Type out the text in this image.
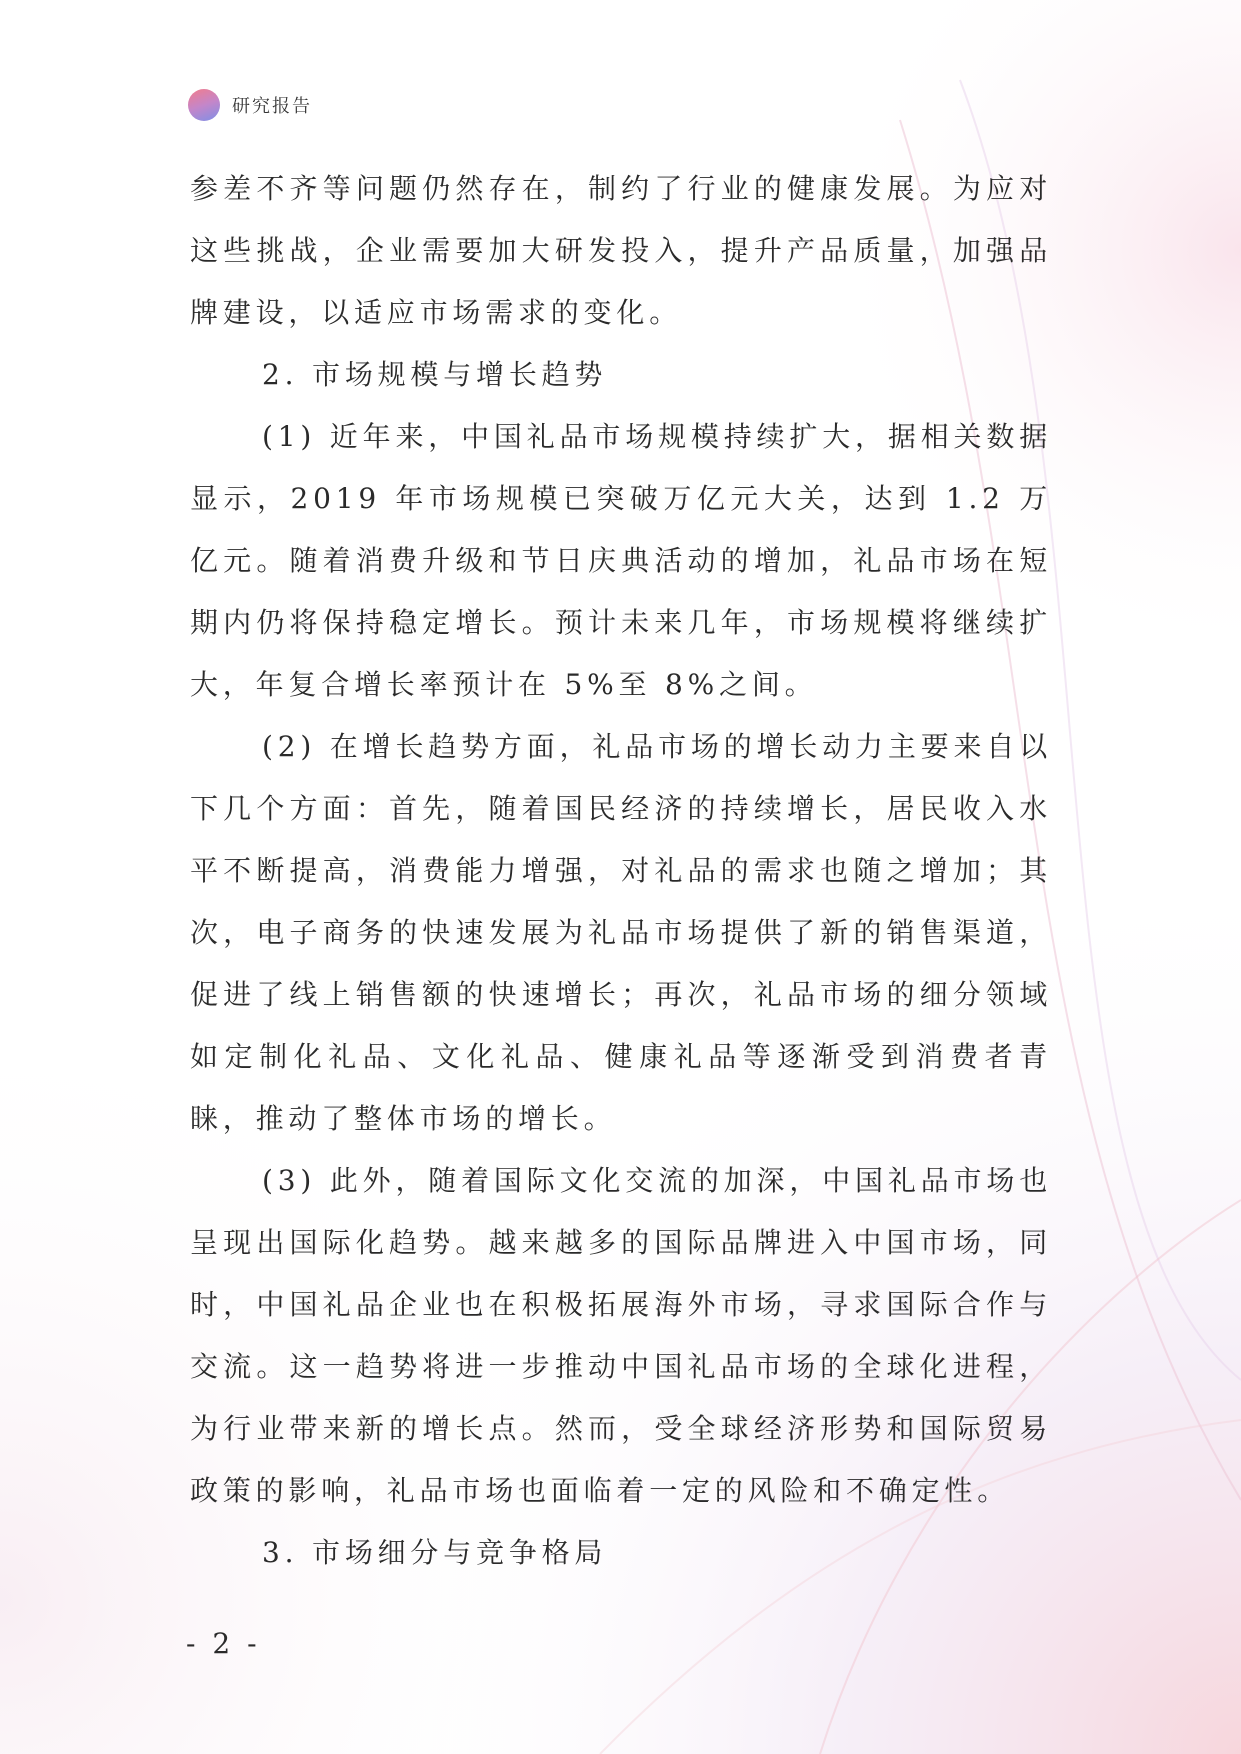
研究报告

参差不齐等问题仍然存在，制约了行业的健康发展。为应对这些挑战，企业需要加大研发投入，提升产品质量，加强品牌建设，以适应市场需求的变化。

2. 市场规模与增长趋势

(1) 近年来，中国礼品市场规模持续扩大，据相关数据显示，2019 年市场规模已突破万亿元大关，达到 1.2 万亿元。随着消费升级和节日庆典活动的增加，礼品市场在短期内仍将保持稳定增长。预计未来几年，市场规模将继续扩大，年复合增长率预计在 5%至 8%之间。

(2) 在增长趋势方面，礼品市场的增长动力主要来自以下几个方面：首先，随着国民经济的持续增长，居民收入水平不断提高，消费能力增强，对礼品的需求也随之增加；其次，电子商务的快速发展为礼品市场提供了新的销售渠道，促进了线上销售额的快速增长；再次，礼品市场的细分领域如定制化礼品、文化礼品、健康礼品等逐渐受到消费者青睐，推动了整体市场的增长。

(3) 此外，随着国际文化交流的加深，中国礼品市场也呈现出国际化趋势。越来越多的国际品牌进入中国市场，同时，中国礼品企业也在积极拓展海外市场，寻求国际合作与交流。这一趋势将进一步推动中国礼品市场的全球化进程，为行业带来新的增长点。然而，受全球经济形势和国际贸易政策的影响，礼品市场也面临着一定的风险和不确定性。

3. 市场细分与竞争格局

- 2 -
